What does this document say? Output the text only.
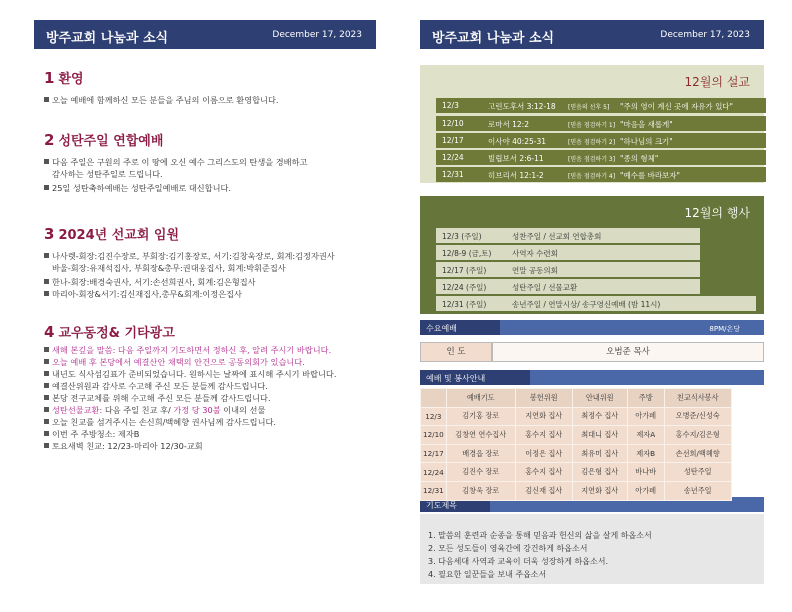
방주교회 나눔과 소식	December 17, 2023
1 환영
오늘 예배에 함께하신 모든 분들을 주님의 이름으로 환영합니다.
2 성탄주일 연합예배
다음 주일은 구원의 주로 이 땅에 오신 예수 그리스도의 탄생을 경배하고
감사하는 성탄주일로 드립니다.
25일 성탄축하예배는 성탄주일예배로 대신합니다.
3 2024년 선교회 임원
나사렛-회장:김진수장로, 부회장:김기홍장로, 서기:김창욱장로, 회계:김정자권사
바울-회장:유재석집사, 부회장&총무:권대웅집사, 회계:박휘준집사
한나-회장:배경숙권사, 서기:손선희권사, 회계:김은형집사
마리아-회장&서기:김신재집사,총무&회계:이정은집사
4 교우동정& 기타광고
새해 본깊을 말씀: 다음 주일까지 기도하면서 정하신 후, 알려 주시기 바랍니다.
오늘 예배 후 본당에서 예결산안 채택의 안건으로 공동의회가 있습니다.
내년도 식사섬김표가 준비되었습니다. 원하시는 날짜에 표시해 주시기 바랍니다.
예결산위원과 감사로 수고해 주신 모든 분들께 감사드립니다.
본당 전구교체를 위해 수고해 주신 모든 분들께 감사드립니다.
성탄선물교환: 다음 주일 친교 후/ 가정 당 30불 이내의 선물
오늘 친교를 섬겨주시는 손신희/백혜향 권사님께 감사드립니다.
이번 주 주방청소: 제자B
토요새벽 친교: 12/23-마리아 12/30-교회
방주교회 나눔과 소식	December 17, 2023
12월의 설교
12/3	고린도후서 3:12-18 [믿음의 선후 5] "주의 영이 계신 곳에 자유가 있다"
12/10	로마서 12:2	[믿음 점검하기 1] "마음을 새롭게"
12/17	이사야 40:25-31	[믿음 점검하기 2] "하나님의 크기"
12/24	빌립보서 2:6-11	[믿음 점검하기 3] "종의 형체"
12/31	히브리서 12:1-2	[믿음 점검하기 4] "예수를 바라보자"
12월의 행사
12/3 (주일)	성찬주일 / 선교회 연합총회
12/8-9 (금,토)	사역자 수련회
12/17 (주일)	연말 공동의회
12/24 (주일)	성탄주일 / 선물교환
12/31 (주일)	송년주일 / 연말시상/ 송구영신예배 (밤 11시)
수요예배	8PM/온당
인 도	오범준 목사
예배 및 봉사안내
기도제목
1. 말씀의 훈련과 순종을 통해 믿음과 헌신의 삶을 살게 하옵소서
2. 모든 성도들이 영육간에 강건하게 하옵소서
3. 다음세대 사역과 교육이 더욱 성장하게 하옵소서.
4. 필요한 일꾼들을 보내 주옵소서
	예배기도	봉헌위원	안내위원	주방	친교식사봉사
12/3	김기홍 장로	지연화 집사	최정수 집사	아가페	오병준/신성숙
12/10	김창연 연수집사	홍수지 집사	최대니 집사	제자A	홍수지/김은형
12/17	배경읍 장로	이정은 집사	최유미 집사	제자B	손선희/백혜향
12/24	김진수 장로	홍수지 집사	김은형 집사	바나바	성탄주일
12/31	김창욱 장로	김신재 집사	지연화 집사	아가페	송년주일
